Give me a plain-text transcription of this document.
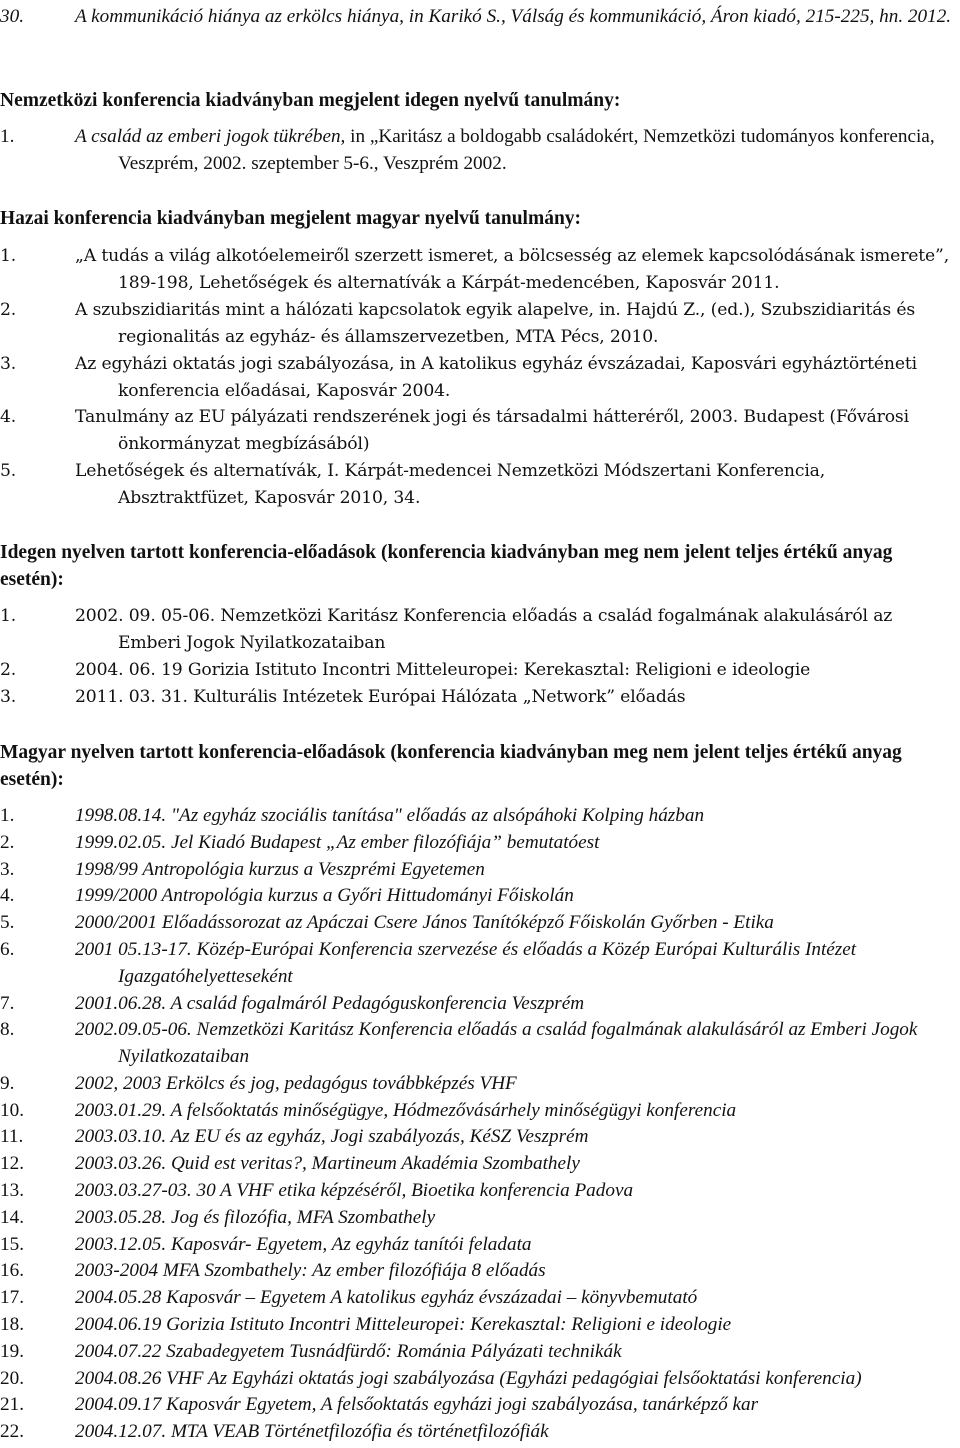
30.	A kommunikáció hiánya az erkölcs hiánya, in Karikó S., Válság és kommunikáció, Áron kiadó, 215-225, hn. 2012.
Nemzetközi konferencia kiadványban megjelent idegen nyelvű tanulmány:
1.	A család az emberi jogok tükrében, in „Karitász a boldogabb családokért, Nemzetközi tudományos konferencia, Veszprém, 2002. szeptember 5-6., Veszprém 2002.
Hazai konferencia kiadványban megjelent magyar nyelvű tanulmány:
1.	„A tudás a világ alkotóelemeiről szerzett ismeret, a bölcsesség az elemek kapcsolódásának ismerete”, 189-198, Lehetőségek és alternatívák a Kárpát-medencében, Kaposvár 2011.
2.	A szubszidiaritás mint a hálózati kapcsolatok egyik alapelve, in. Hajdú Z., (ed.), Szubszidiaritás és regionalitás az egyház- és államszervezetben, MTA Pécs, 2010.
3.	Az egyházi oktatás jogi szabályozása, in A katolikus egyház évszázadai, Kaposvári egyháztörténeti konferencia előadásai, Kaposvár 2004.
4.	Tanulmány az EU pályázati rendszerének jogi és társadalmi hátteréről, 2003. Budapest (Fővárosi önkormányzat megbízásából)
5.	Lehetőségek és alternatívák, I. Kárpát-medencei Nemzetközi Módszertani Konferencia, Absztraktfüzet, Kaposvár 2010, 34.
Idegen nyelven tartott konferencia-előadások (konferencia kiadványban meg nem jelent teljes értékű anyag esetén):
1.	2002. 09. 05-06. Nemzetközi Karitász Konferencia előadás a család fogalmának alakulásáról az Emberi Jogok Nyilatkozataiban
2.	2004. 06. 19 Gorizia Istituto Incontri Mitteleuropei: Kerekasztal: Religioni e ideologie
3.	2011. 03. 31. Kulturális Intézetek Európai Hálózata „Network” előadás
Magyar nyelven tartott konferencia-előadások (konferencia kiadványban meg nem jelent teljes értékű anyag esetén):
1.	1998.08.14. "Az egyház szociális tanítása" előadás az alsópáhoki Kolping házban
2.	1999.02.05. Jel Kiadó Budapest „Az ember filozófiája” bemutatóest
3.	1998/99 Antropológia kurzus a Veszprémi Egyetemen
4.	1999/2000 Antropológia kurzus a Győri Hittudományi Főiskolán
5.	2000/2001 Előadássorozat az Apáczai Csere János Tanítóképző Főiskolán Győrben - Etika
6.	2001 05.13-17. Közép-Európai Konferencia szervezése és előadás a Közép Európai Kulturális Intézet Igazgatóhelyetteseként
7.	2001.06.28. A család fogalmáról Pedagóguskonferencia Veszprém
8.	2002.09.05-06. Nemzetközi Karitász Konferencia előadás a család fogalmának alakulásáról az Emberi Jogok Nyilatkozataiban
9.	2002, 2003 Erkölcs és jog, pedagógus továbbképzés VHF
10.	2003.01.29. A felsőoktatás minőségügye, Hódmezővásárhely minőségügyi konferencia
11.	2003.03.10. Az EU és az egyház, Jogi szabályozás, KéSZ Veszprém
12.	2003.03.26. Quid est veritas?, Martineum Akadémia Szombathely
13.	2003.03.27-03. 30 A VHF etika képzéséről, Bioetika konferencia Padova
14.	2003.05.28. Jog és filozófia, MFA Szombathely
15.	2003.12.05. Kaposvár- Egyetem, Az egyház tanítói feladata
16.	2003-2004 MFA Szombathely: Az ember filozófiája 8 előadás
17.	2004.05.28 Kaposvár – Egyetem A katolikus egyház évszázadai – könyvbemutató
18.	2004.06.19 Gorizia Istituto Incontri Mitteleuropei: Kerekasztal: Religioni e ideologie
19.	2004.07.22 Szabadegyetem Tusnádfürdő: Románia Pályázati technikák
20.	2004.08.26 VHF Az Egyházi oktatás jogi szabályozása (Egyházi pedagógiai felsőoktatási konferencia)
21.	2004.09.17 Kaposvár Egyetem, A felsőoktatás egyházi jogi szabályozása, tanárképző kar
22.	2004.12.07. MTA VEAB Történetfilozófia és történetfilozófiák
